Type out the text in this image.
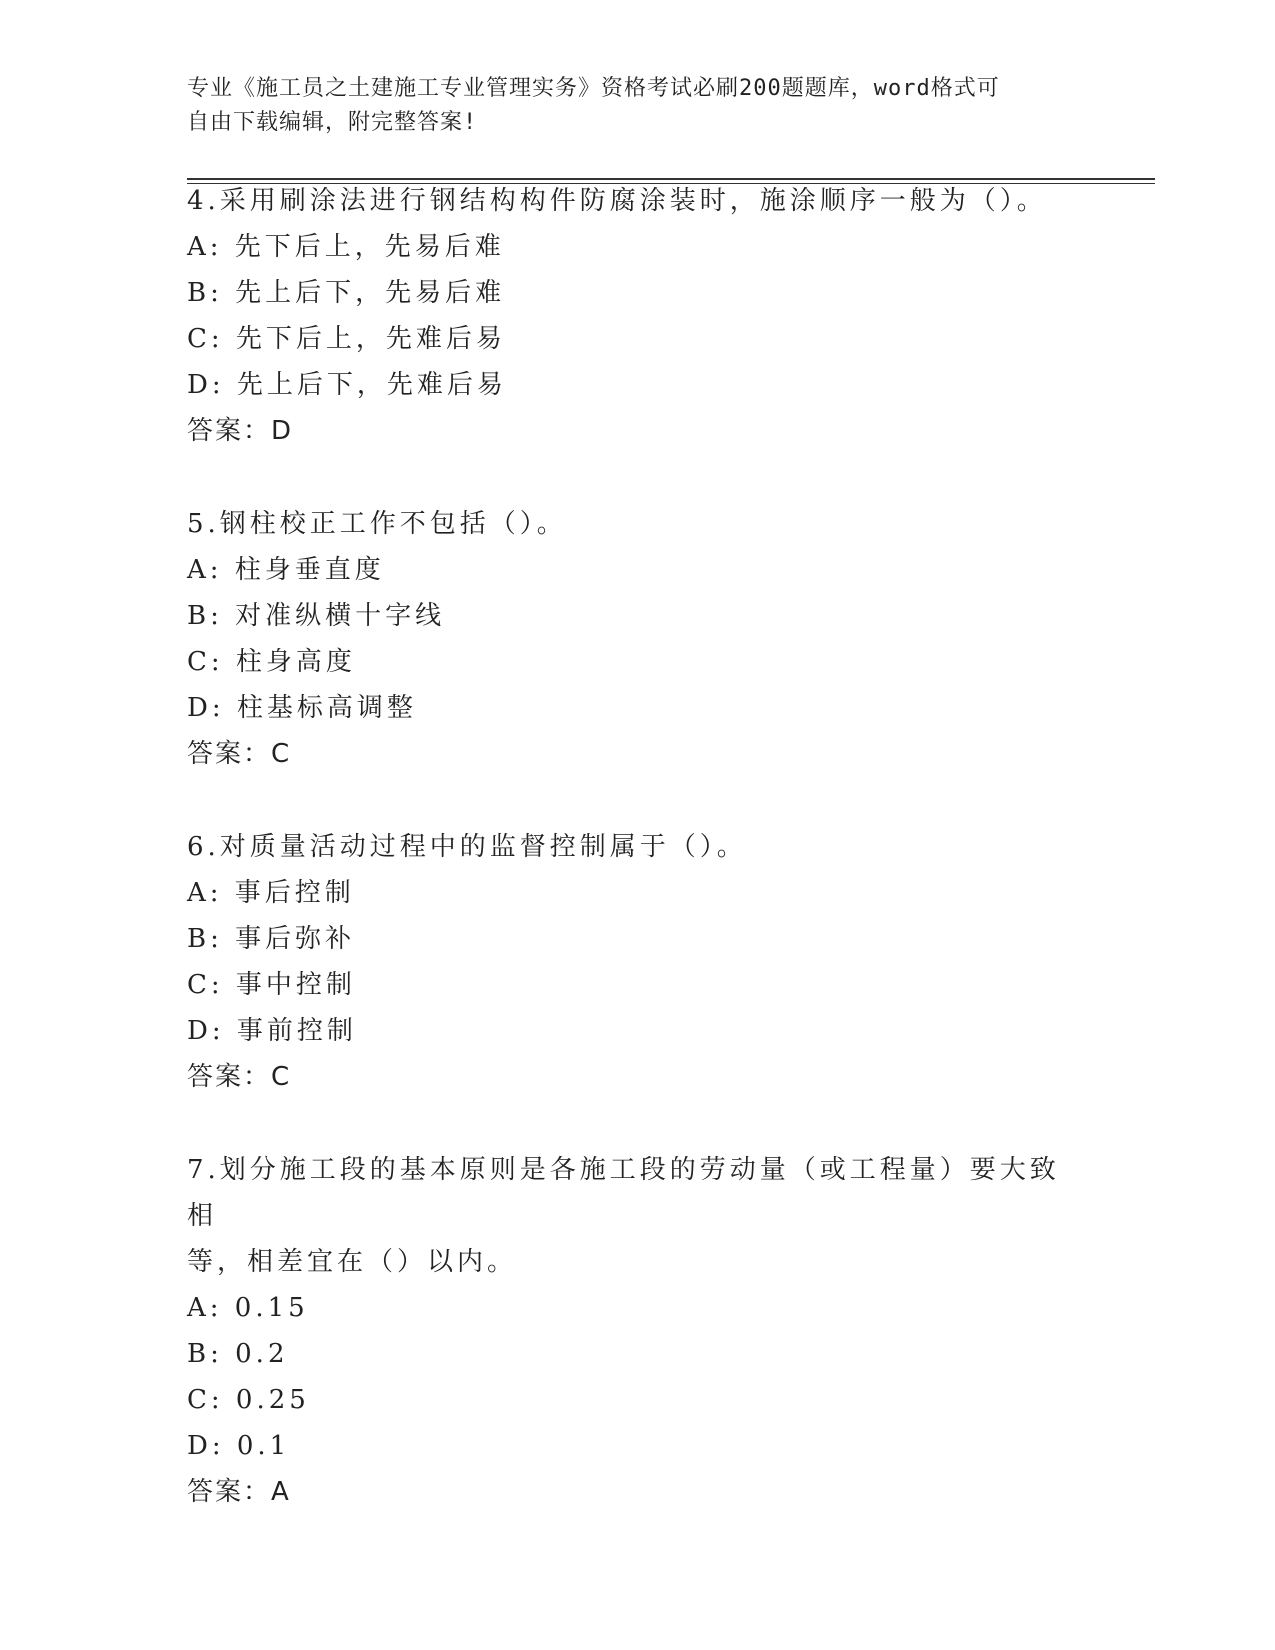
专业《施工员之土建施工专业管理实务》资格考试必刷200题题库，word格式可
自由下载编辑，附完整答案!
4.采用刷涂法进行钢结构构件防腐涂装时，施涂顺序一般为（）。
A: 先下后上，先易后难
B: 先上后下，先易后难
C: 先下后上，先难后易
D: 先上后下，先难后易
答案：D
5.钢柱校正工作不包括（）。
A: 柱身垂直度
B: 对准纵横十字线
C: 柱身高度
D: 柱基标高调整
答案：C
6.对质量活动过程中的监督控制属于（）。
A: 事后控制
B: 事后弥补
C: 事中控制
D: 事前控制
答案：C
7.划分施工段的基本原则是各施工段的劳动量（或工程量）要大致相
等，相差宜在（）以内。
A: 0.15
B: 0.2
C: 0.25
D: 0.1
答案：A
